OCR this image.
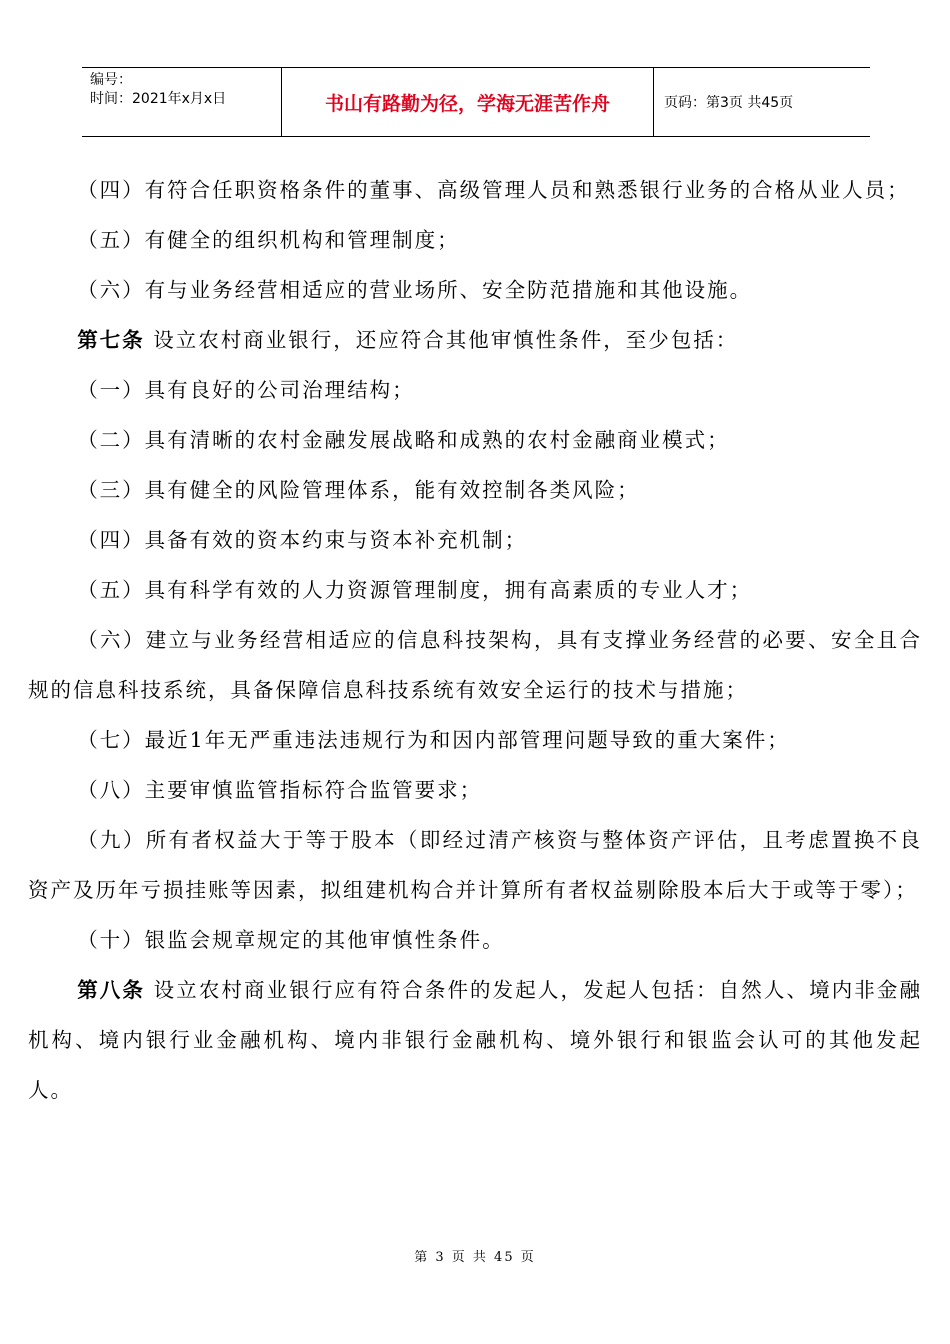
编号：
时间：2021年x月x日	书山有路勤为径，学海无涯苦作舟	页码：第3页 共45页

（四）有符合任职资格条件的董事、高级管理人员和熟悉银行业务的合格从业人员；

（五）有健全的组织机构和管理制度；

（六）有与业务经营相适应的营业场所、安全防范措施和其他设施。

第七条 设立农村商业银行，还应符合其他审慎性条件，至少包括：

（一）具有良好的公司治理结构；

（二）具有清晰的农村金融发展战略和成熟的农村金融商业模式；

（三）具有健全的风险管理体系，能有效控制各类风险；

（四）具备有效的资本约束与资本补充机制；

（五）具有科学有效的人力资源管理制度，拥有高素质的专业人才；

（六）建立与业务经营相适应的信息科技架构，具有支撑业务经营的必要、安全且合规的信息科技系统，具备保障信息科技系统有效安全运行的技术与措施；

（七）最近1年无严重违法违规行为和因内部管理问题导致的重大案件；

（八）主要审慎监管指标符合监管要求；

（九）所有者权益大于等于股本（即经过清产核资与整体资产评估，且考虑置换不良资产及历年亏损挂账等因素，拟组建机构合并计算所有者权益剔除股本后大于或等于零）；

（十）银监会规章规定的其他审慎性条件。

第八条 设立农村商业银行应有符合条件的发起人，发起人包括：自然人、境内非金融机构、境内银行业金融机构、境内非银行金融机构、境外银行和银监会认可的其他发起人。

第 3 页 共 45 页
